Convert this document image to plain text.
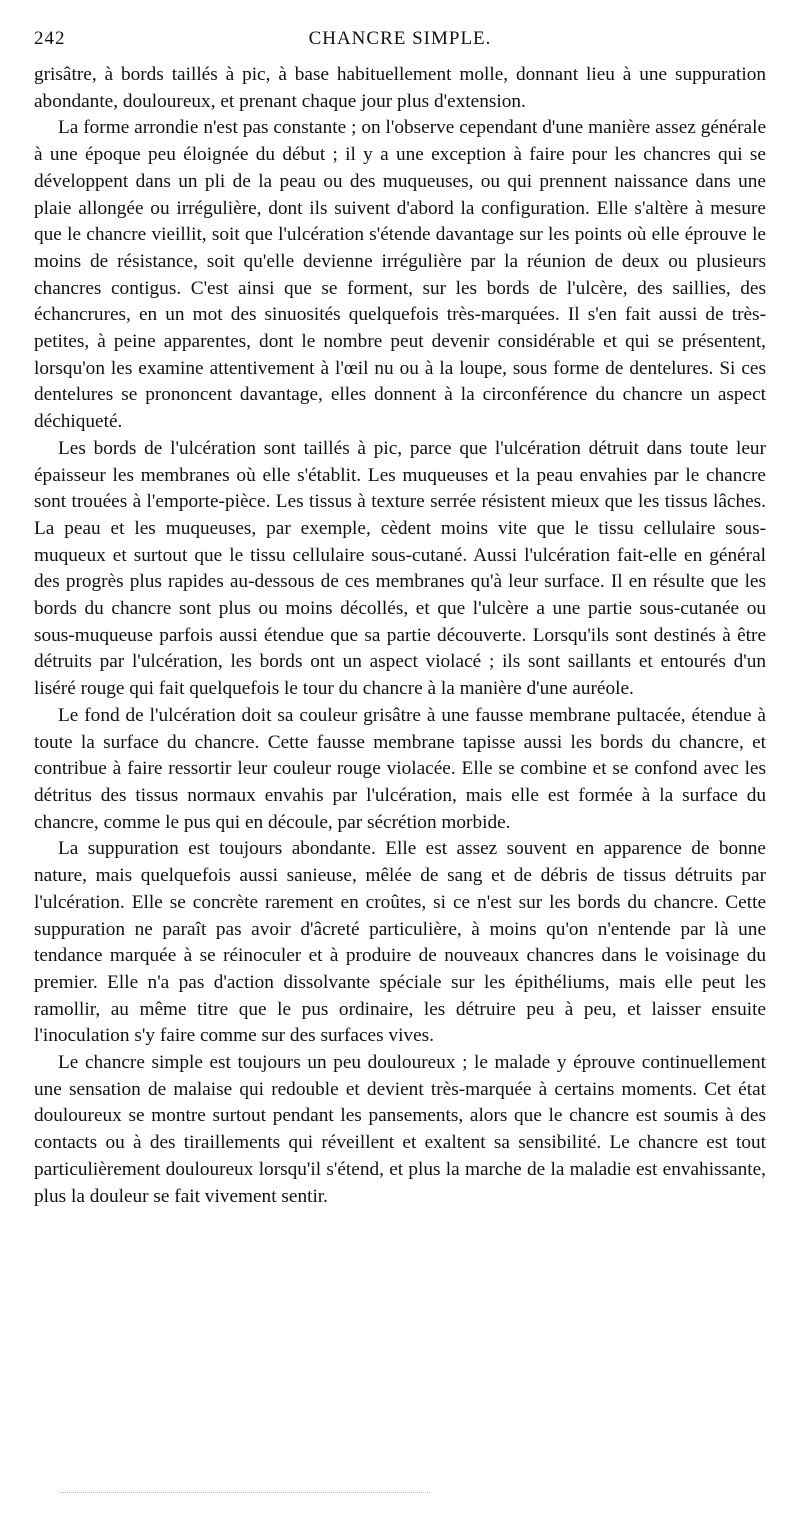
242	CHANCRE SIMPLE.

grisâtre, à bords taillés à pic, à base habituellement molle, donnant lieu à une suppuration abondante, douloureux, et prenant chaque jour plus d'extension.

La forme arrondie n'est pas constante ; on l'observe cependant d'une manière assez générale à une époque peu éloignée du début ; il y a une exception à faire pour les chancres qui se développent dans un pli de la peau ou des muqueuses, ou qui prennent naissance dans une plaie allongée ou irrégulière, dont ils suivent d'abord la configuration. Elle s'altère à mesure que le chancre vieillit, soit que l'ulcération s'étende davantage sur les points où elle éprouve le moins de résistance, soit qu'elle devienne irrégulière par la réunion de deux ou plusieurs chancres contigus. C'est ainsi que se forment, sur les bords de l'ulcère, des saillies, des échancrures, en un mot des sinuosités quelquefois très-marquées. Il s'en fait aussi de très-petites, à peine apparentes, dont le nombre peut devenir considérable et qui se présentent, lorsqu'on les examine attentivement à l'œil nu ou à la loupe, sous forme de dentelures. Si ces dentelures se prononcent davantage, elles donnent à la circonférence du chancre un aspect déchiqueté.

Les bords de l'ulcération sont taillés à pic, parce que l'ulcération détruit dans toute leur épaisseur les membranes où elle s'établit. Les muqueuses et la peau envahies par le chancre sont trouées à l'emporte-pièce. Les tissus à texture serrée résistent mieux que les tissus lâches. La peau et les muqueuses, par exemple, cèdent moins vite que le tissu cellulaire sous-muqueux et surtout que le tissu cellulaire sous-cutané. Aussi l'ulcération fait-elle en général des progrès plus rapides au-dessous de ces membranes qu'à leur surface. Il en résulte que les bords du chancre sont plus ou moins décollés, et que l'ulcère a une partie sous-cutanée ou sous-muqueuse parfois aussi étendue que sa partie découverte. Lorsqu'ils sont destinés à être détruits par l'ulcération, les bords ont un aspect violacé ; ils sont saillants et entourés d'un liséré rouge qui fait quelquefois le tour du chancre à la manière d'une auréole.

Le fond de l'ulcération doit sa couleur grisâtre à une fausse membrane pultacée, étendue à toute la surface du chancre. Cette fausse membrane tapisse aussi les bords du chancre, et contribue à faire ressortir leur couleur rouge violacée. Elle se combine et se confond avec les détritus des tissus normaux envahis par l'ulcération, mais elle est formée à la surface du chancre, comme le pus qui en découle, par sécrétion morbide.

La suppuration est toujours abondante. Elle est assez souvent en apparence de bonne nature, mais quelquefois aussi sanieuse, mêlée de sang et de débris de tissus détruits par l'ulcération. Elle se concrète rarement en croûtes, si ce n'est sur les bords du chancre. Cette suppuration ne paraît pas avoir d'âcreté particulière, à moins qu'on n'entende par là une tendance marquée à se réinoculer et à produire de nouveaux chancres dans le voisinage du premier. Elle n'a pas d'action dissolvante spéciale sur les épithéliums, mais elle peut les ramollir, au même titre que le pus ordinaire, les détruire peu à peu, et laisser ensuite l'inoculation s'y faire comme sur des surfaces vives.

Le chancre simple est toujours un peu douloureux ; le malade y éprouve continuellement une sensation de malaise qui redouble et devient très-marquée à certains moments. Cet état douloureux se montre surtout pendant les pansements, alors que le chancre est soumis à des contacts ou à des tiraillements qui réveillent et exaltent sa sensibilité. Le chancre est tout particulièrement douloureux lorsqu'il s'étend, et plus la marche de la maladie est envahissante, plus la douleur se fait vivement sentir.
